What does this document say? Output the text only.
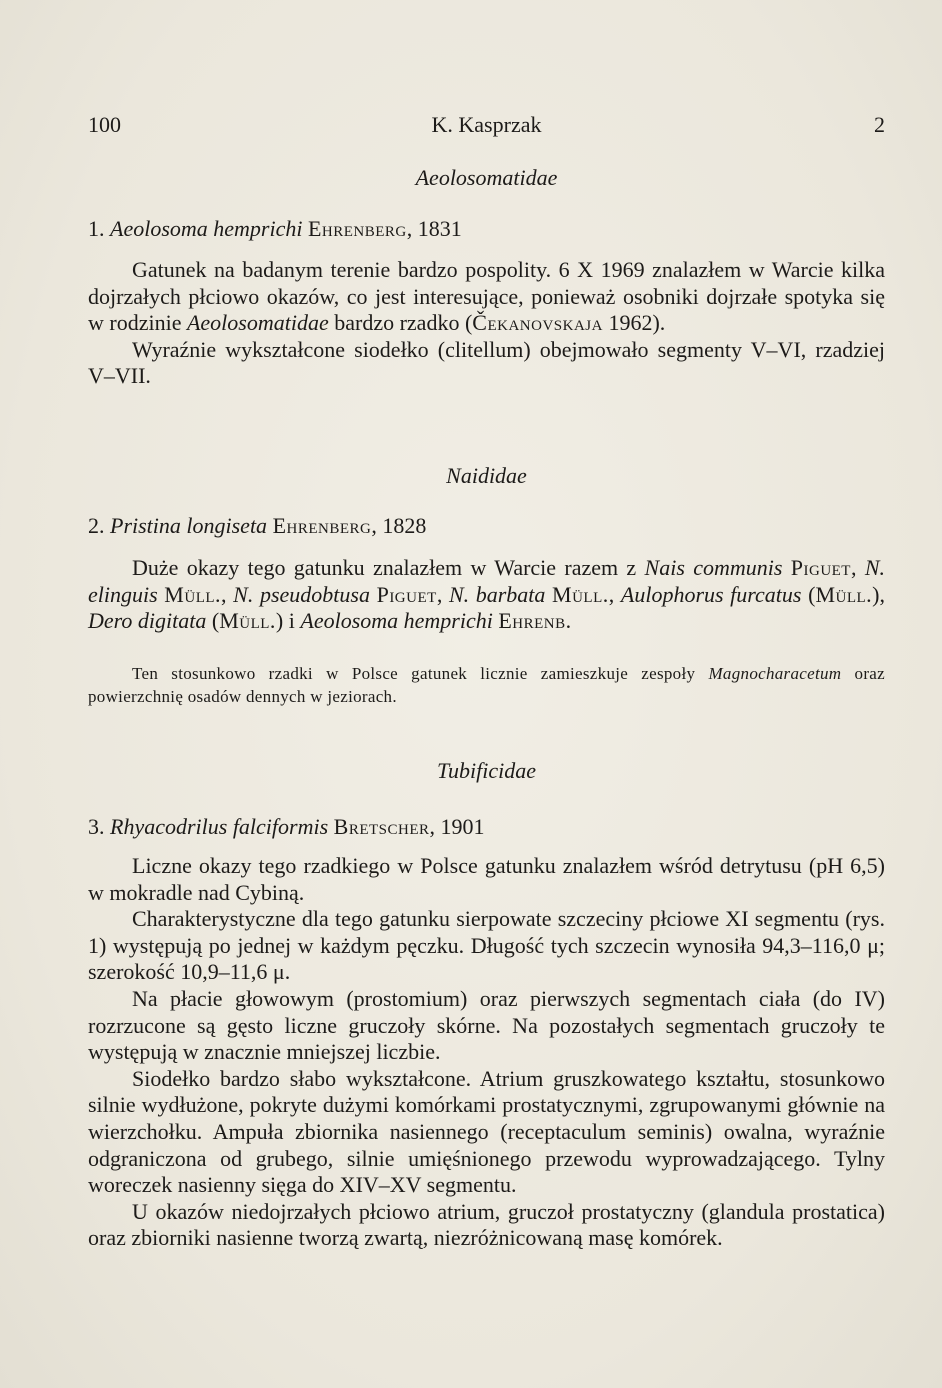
100	K. Kasprzak	2
Aeolosomatidae
1. Aeolosoma hemprichi Ehrenberg, 1831

Gatunek na badanym terenie bardzo pospolity. 6 X 1969 znalazłem w Warcie kilka dojrzałych płciowo okazów, co jest interesujące, ponieważ osobniki dojrzałe spotyka się w rodzinie Aeolosomatidae bardzo rzadko (Čekanovskaja 1962).

Wyraźnie wykształcone siodełko (clitellum) obejmowało segmenty V–VI, rzadziej V–VII.

Naididae
2. Pristina longiseta Ehrenberg, 1828

Duże okazy tego gatunku znalazłem w Warcie razem z Nais communis Piguet, N. elinguis Müll., N. pseudobtusa Piguet, N. barbata Müll., Aulophorus furcatus (Müll.), Dero digitata (Müll.) i Aeolosoma hemprichi Ehrenb.

Ten stosunkowo rzadki w Polsce gatunek licznie zamieszkuje zespoły Magnocharacetum oraz powierzchnię osadów dennych w jeziorach.

Tubificidae
3. Rhyacodrilus falciformis Bretscher, 1901

Liczne okazy tego rzadkiego w Polsce gatunku znalazłem wśród detrytusu (pH 6,5) w mokradle nad Cybiną.

Charakterystyczne dla tego gatunku sierpowate szczeciny płciowe XI segmentu (rys. 1) występują po jednej w każdym pęczku. Długość tych szczecin wynosiła 94,3–116,0 μ; szerokość 10,9–11,6 μ.

Na płacie głowowym (prostomium) oraz pierwszych segmentach ciała (do IV) rozrzucone są gęsto liczne gruczoły skórne. Na pozostałych segmentach gruczoły te występują w znacznie mniejszej liczbie.

Siodełko bardzo słabo wykształcone. Atrium gruszkowatego kształtu, stosunkowo silnie wydłużone, pokryte dużymi komórkami prostatycznymi, zgrupowanymi głównie na wierzchołku. Ampuła zbiornika nasiennego (receptaculum seminis) owalna, wyraźnie odgraniczona od grubego, silnie umięśnionego przewodu wyprowadzającego. Tylny woreczek nasienny sięga do XIV–XV segmentu.

U okazów niedojrzałych płciowo atrium, gruczoł prostatyczny (glandula prostatica) oraz zbiorniki nasienne tworzą zwartą, niezróżnicowaną masę komórek.
